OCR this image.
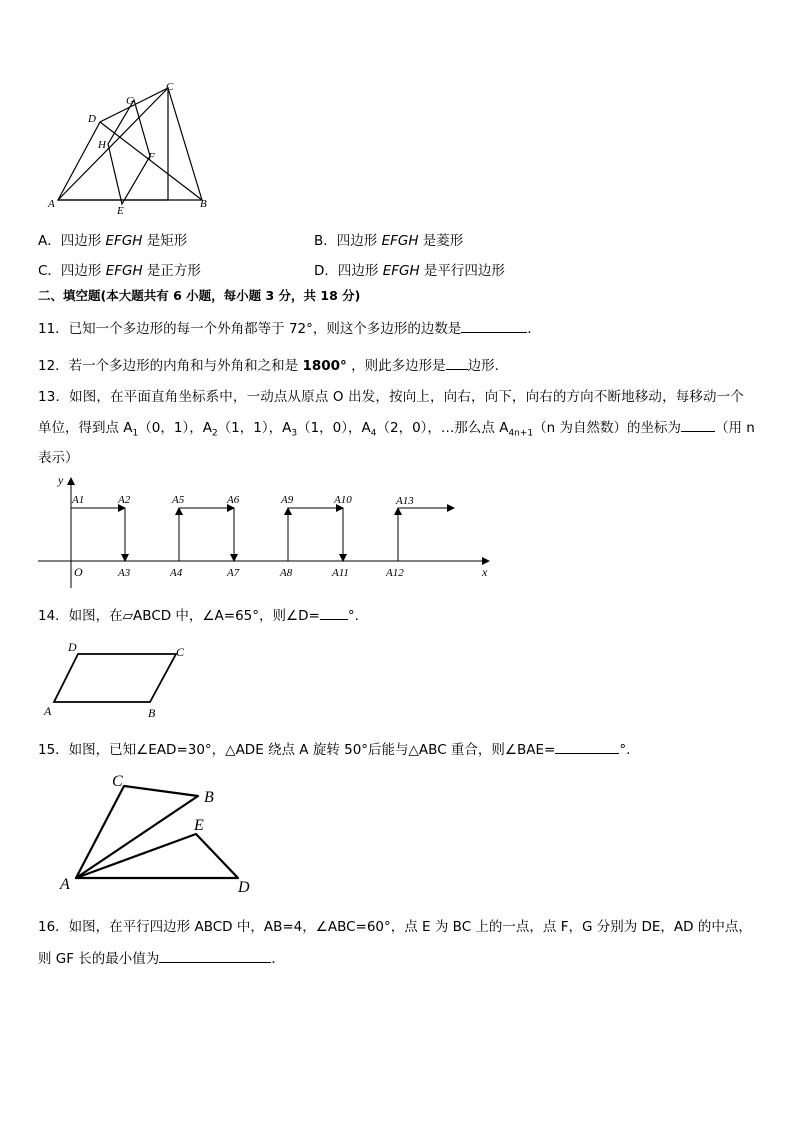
A	B
C
D
E
F
G
H
A．四边形 EFGH 是矩形	B．四边形 EFGH 是菱形
C．四边形 EFGH 是正方形	D．四边形 EFGH 是平行四边形
二、填空题(本大题共有 6 小题，每小题 3 分，共 18 分)
11．已知一个多边形的每一个外角都等于 72°，则这个多边形的边数是	．
12．若一个多边形的内角和与外角和之和是 1800° ，则此多边形是 边形.
13．如图，在平面直角坐标系中，一动点从原点 O 出发，按向上，向右，向下，向右的方向不断地移动，每移动一个
单位，得到点 $A_1(0$，1），$A_2(1$，1），$A_3(1$，0），$A_4(2$，0），…那么点 $A_{4n+1}(n$ 为自然数）的坐标为	（用 n
表示）
y
x
O
A1	A2	A5	A6	A9	A10	A13
A3	A4	A7	A8	A11	A12
14．如图，在▱ABCD 中，∠A=65°，则∠D= °.
A	B
C
D
15．如图，已知∠EAD=30°，△ADE 绕点 A 旋转 50°后能与△ABC 重合，则∠BAE=	°.
A
B
C
D
E
16．如图，在平行四边形 ABCD 中，AB=4，∠ABC=60°，点 E 为 BC 上的一点，点 F，G 分别为 DE，AD 的中点，
则 GF 长的最小值为	．
